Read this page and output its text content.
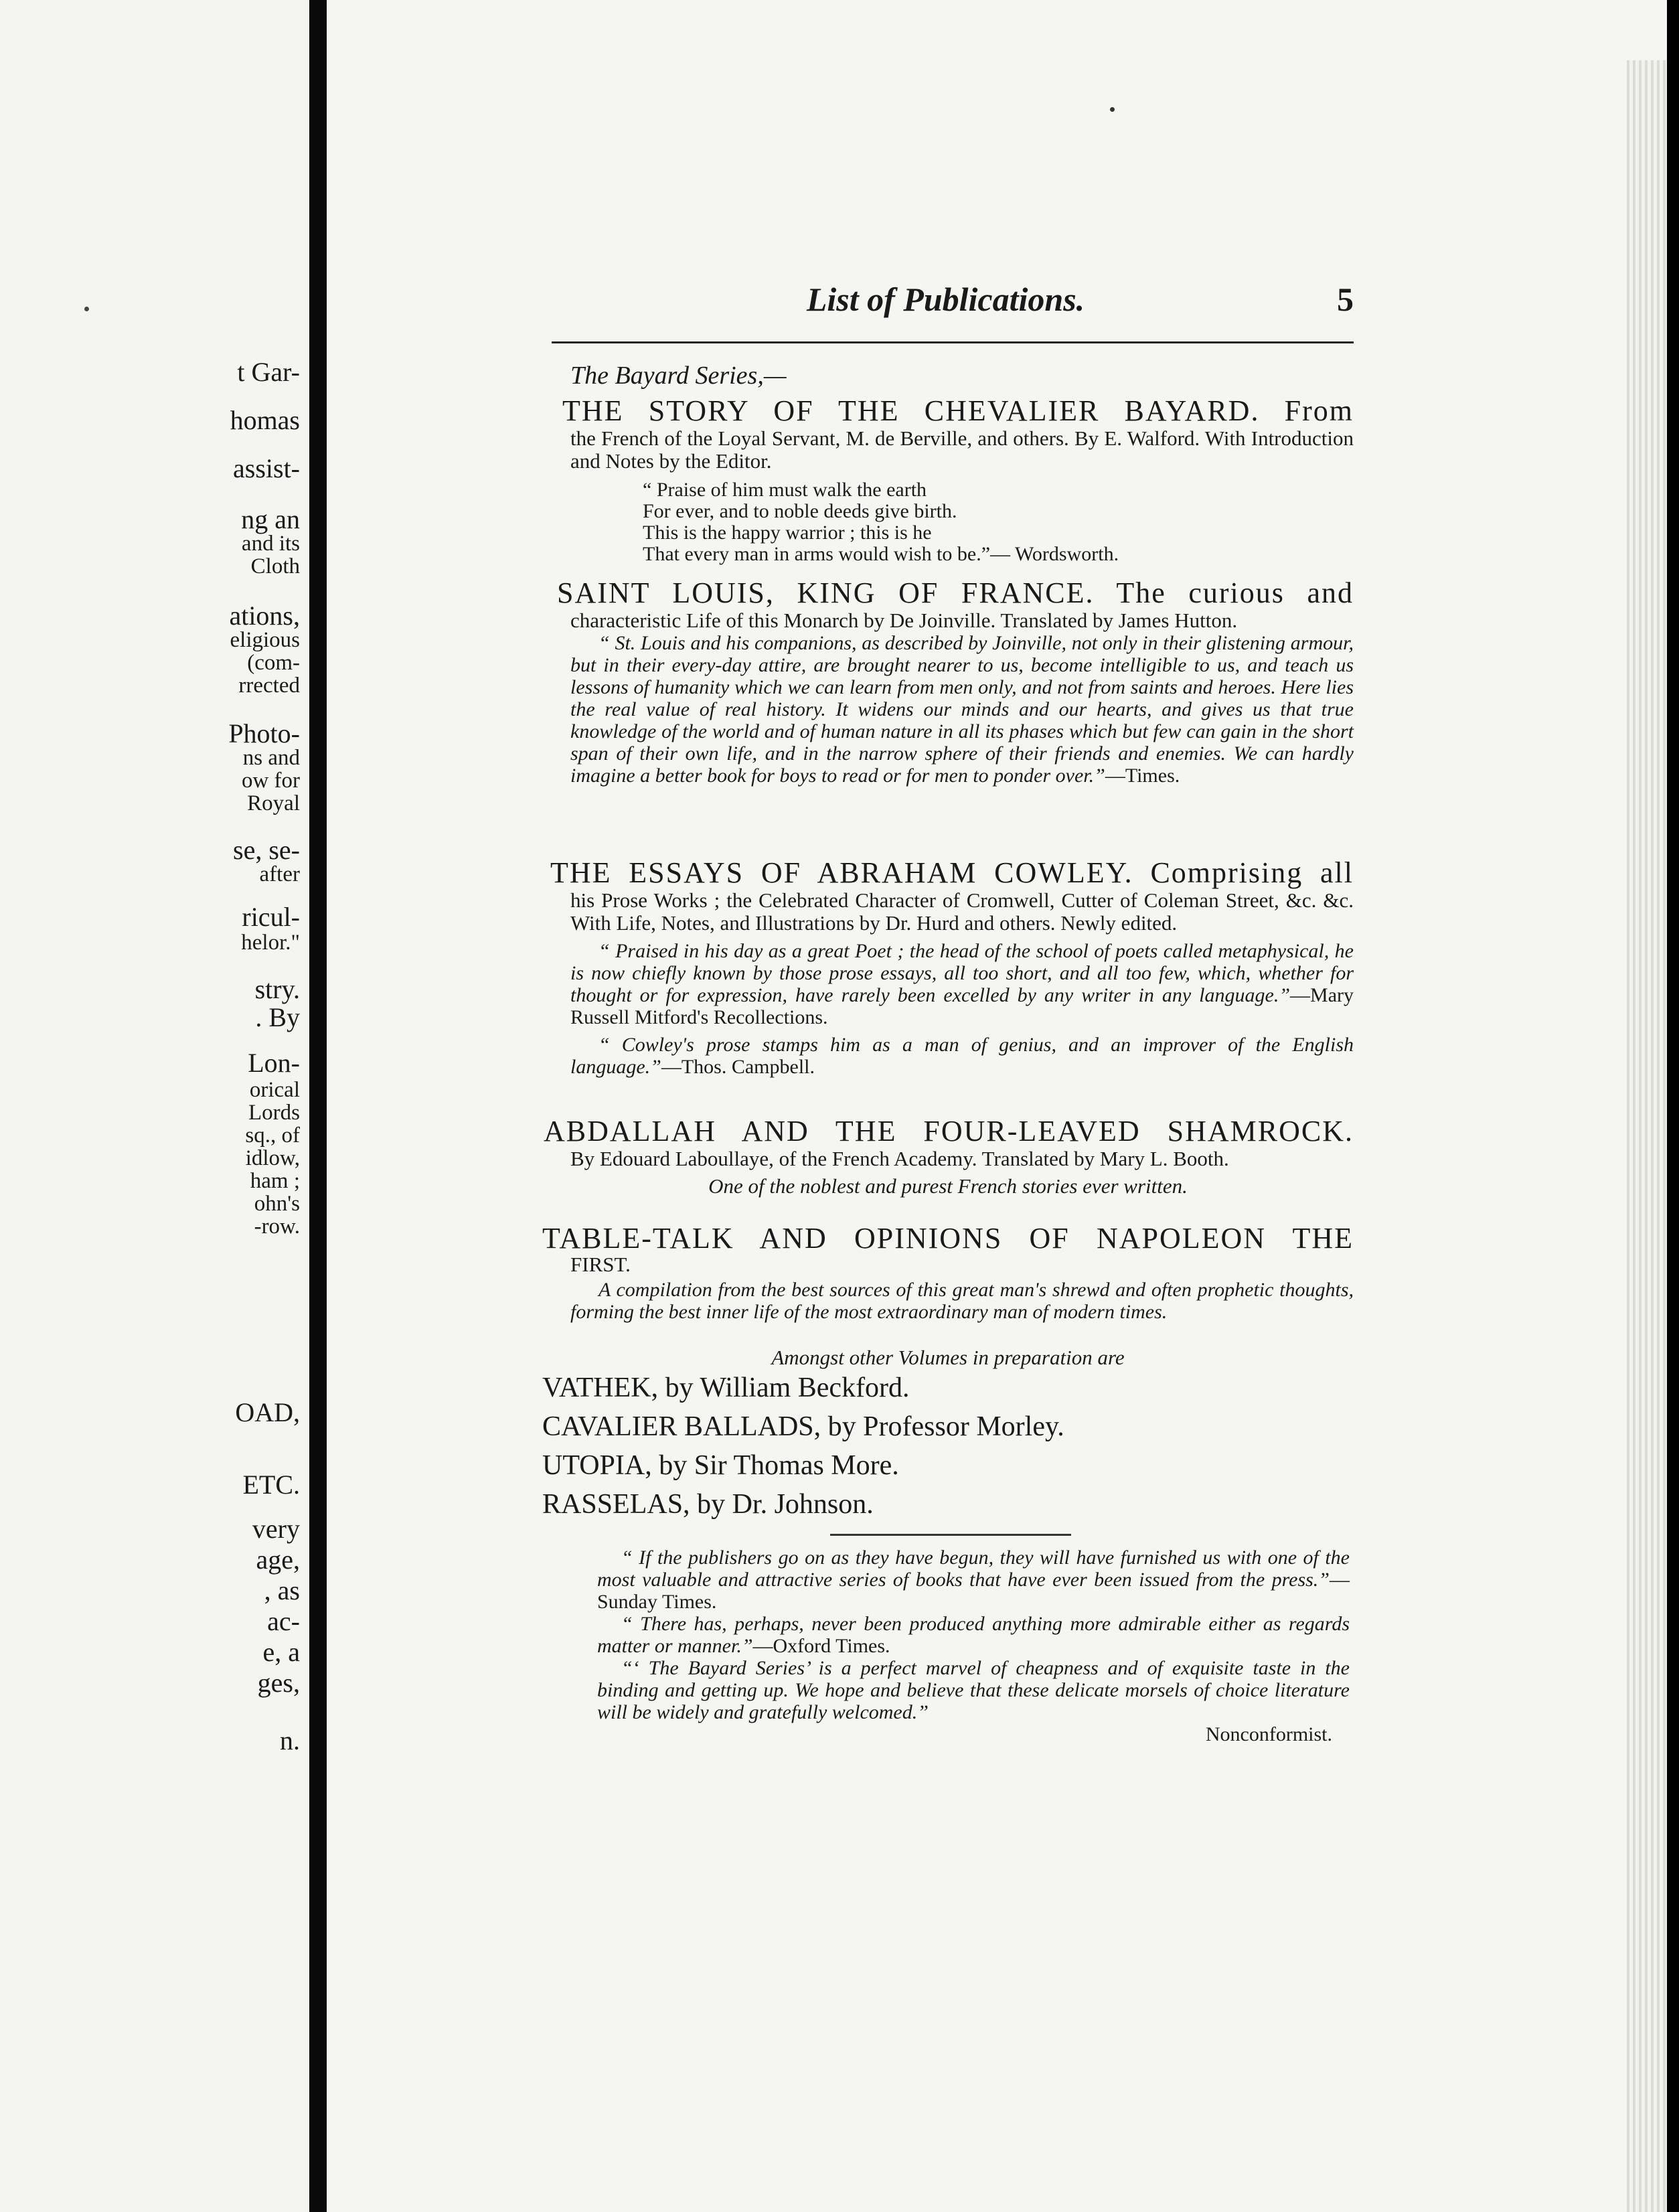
t Gar-
homas
assist-
ng an
and its
Cloth
ations,
eligious
(com-
rrected
Photo-
ns and
ow for
Royal
se, se-
after
ricul-
helor."
stry.
. By
Lon-
orical
Lords
sq., of
idlow,
ham ;
ohn's
-row.
OAD,
ETC.
very
age,
, as
ac-
e, a
ges,
n.
List of Publications.	5
The Bayard Series,—
THE STORY OF THE CHEVALIER BAYARD. From
the French of the Loyal Servant, M. de Berville, and others. By E. Walford. With Introduction and Notes by the Editor.
“ Praise of him must walk the earth
For ever, and to noble deeds give birth.
This is the happy warrior ; this is he
That every man in arms would wish to be.”— Wordsworth.
SAINT LOUIS, KING OF FRANCE. The curious and
characteristic Life of this Monarch by De Joinville. Translated by James Hutton.
“ St. Louis and his companions, as described by Joinville, not only in their glistening armour, but in their every-day attire, are brought nearer to us, become intelligible to us, and teach us lessons of humanity which we can learn from men only, and not from saints and heroes. Here lies the real value of real history. It widens our minds and our hearts, and gives us that true knowledge of the world and of human nature in all its phases which but few can gain in the short span of their own life, and in the narrow sphere of their friends and enemies. We can hardly imagine a better book for boys to read or for men to ponder over.”—Times.
THE ESSAYS OF ABRAHAM COWLEY. Comprising all
his Prose Works ; the Celebrated Character of Cromwell, Cutter of Coleman Street, &c. &c. With Life, Notes, and Illustrations by Dr. Hurd and others. Newly edited.
“ Praised in his day as a great Poet ; the head of the school of poets called metaphysical, he is now chiefly known by those prose essays, all too short, and all too few, which, whether for thought or for expression, have rarely been excelled by any writer in any language.”—Mary Russell Mitford's Recollections.
“ Cowley's prose stamps him as a man of genius, and an improver of the English language.”—Thos. Campbell.
ABDALLAH AND THE FOUR-LEAVED SHAMROCK.
By Edouard Laboullaye, of the French Academy. Translated by Mary L. Booth.
One of the noblest and purest French stories ever written.
TABLE-TALK AND OPINIONS OF NAPOLEON THE
FIRST.
A compilation from the best sources of this great man's shrewd and often prophetic thoughts, forming the best inner life of the most extraordinary man of modern times.
Amongst other Volumes in preparation are
VATHEK, by William Beckford.
CAVALIER BALLADS, by Professor Morley.
UTOPIA, by Sir Thomas More.
RASSELAS, by Dr. Johnson.
“ If the publishers go on as they have begun, they will have furnished us with one of the most valuable and attractive series of books that have ever been issued from the press.”—Sunday Times.
“ There has, perhaps, never been produced anything more admirable either as regards matter or manner.”—Oxford Times.
“‘ The Bayard Series’ is a perfect marvel of cheapness and of exquisite taste in the binding and getting up. We hope and believe that these delicate morsels of choice literature will be widely and gratefully welcomed.”
Nonconformist.
